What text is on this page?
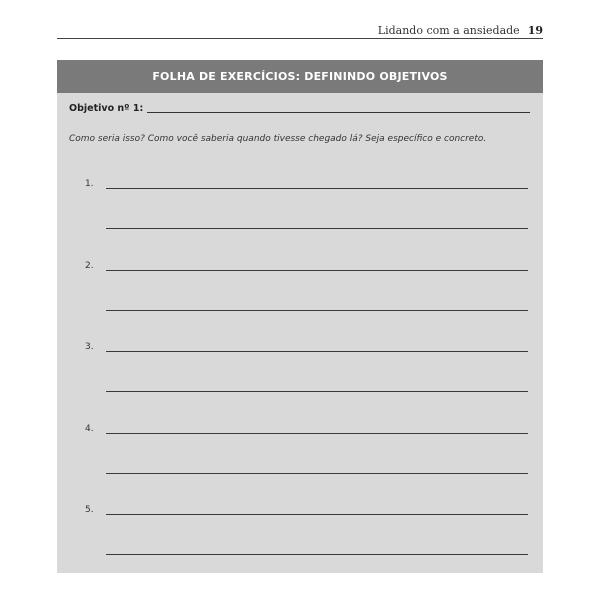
Lidando com a ansiedade 19
FOLHA DE EXERCÍCIOS: DEFININDO OBJETIVOS
Objetivo nº 1:
Como seria isso? Como você saberia quando tivesse chegado lá? Seja específico e concreto.
1.
2.
3.
4.
5.
